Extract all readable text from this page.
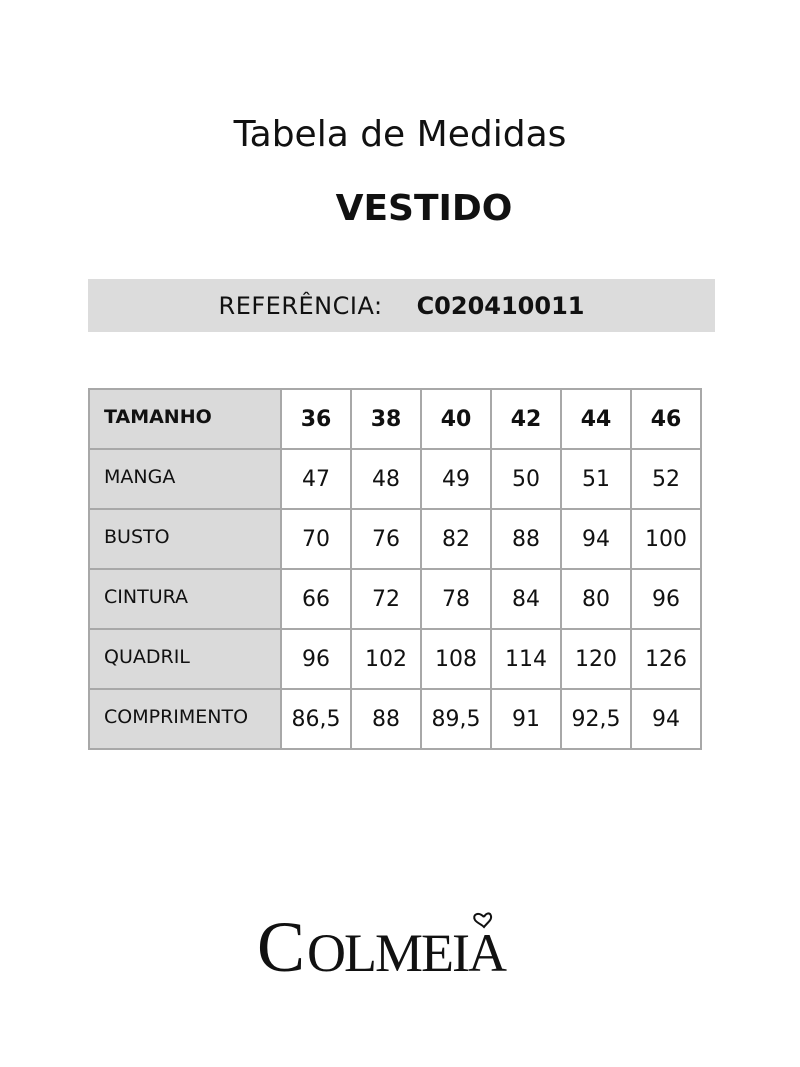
Tabela de Medidas
VESTIDO
REFERÊNCIA: C020410011
TAMANHO	36	38	40	42	44	46
MANGA	47	48	49	50	51	52
BUSTO	70	76	82	88	94	100
CINTURA	66	72	78	84	80	96
QUADRIL	96	102	108	114	120	126
COMPRIMENTO	86,5	88	89,5	91	92,5	94
C OLMEIA
